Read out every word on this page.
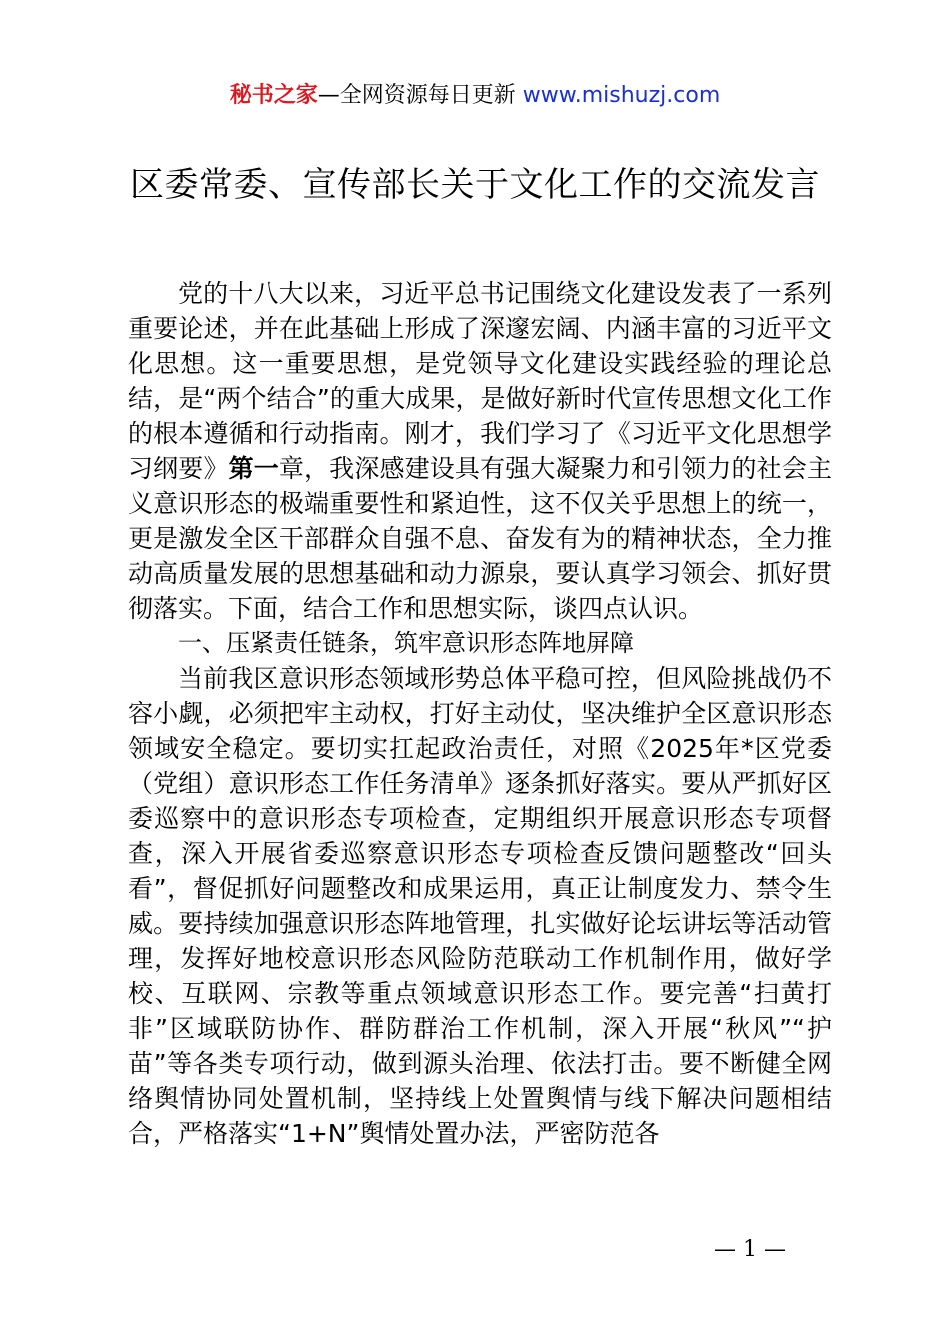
秘书之家—全网资源每日更新 www.mishuzj.com
区委常委、宣传部长关于文化工作的交流发言

党的十八大以来，习近平总书记围绕文化建设发表了一系列重要论述，并在此基础上形成了深邃宏阔、内涵丰富的习近平文化思想。这一重要思想，是党领导文化建设实践经验的理论总结，是“两个结合”的重大成果，是做好新时代宣传思想文化工作的根本遵循和行动指南。刚才，我们学习了《习近平文化思想学习纲要》第一章，我深感建设具有强大凝聚力和引领力的社会主义意识形态的极端重要性和紧迫性，这不仅关乎思想上的统一，更是激发全区干部群众自强不息、奋发有为的精神状态，全力推动高质量发展的思想基础和动力源泉，要认真学习领会、抓好贯彻落实。下面，结合工作和思想实际，谈四点认识。

一、压紧责任链条，筑牢意识形态阵地屏障

当前我区意识形态领域形势总体平稳可控，但风险挑战仍不容小觑，必须把牢主动权，打好主动仗，坚决维护全区意识形态领域安全稳定。要切实扛起政治责任，对照《2025年*区党委（党组）意识形态工作任务清单》逐条抓好落实。要从严抓好区委巡察中的意识形态专项检查，定期组织开展意识形态专项督查，深入开展省委巡察意识形态专项检查反馈问题整改“回头看”，督促抓好问题整改和成果运用，真正让制度发力、禁令生威。要持续加强意识形态阵地管理，扎实做好论坛讲坛等活动管理，发挥好地校意识形态风险防范联动工作机制作用，做好学校、互联网、宗教等重点领域意识形态工作。要完善“扫黄打非”区域联防协作、群防群治工作机制，深入开展“秋风”“护苗”等各类专项行动，做到源头治理、依法打击。要不断健全网络舆情协同处置机制，坚持线上处置舆情与线下解决问题相结合，严格落实“1+N”舆情处置办法，严密防范各

— 1 —
